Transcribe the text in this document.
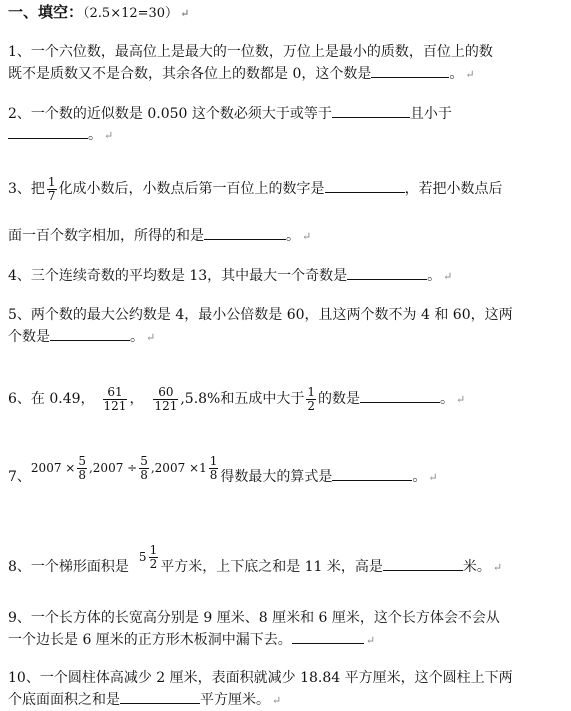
一、填空：（2.5×12=30） ↵
1、一个六位数，最高位上是最大的一位数，万位上是最小的质数，百位上的数
既不是质数又不是合数，其余各位上的数都是 0，这个数是	。 ↵
2、一个数的近似数是 0.050 这个数必须大于或等于	且小于
。 ↵
3、把 $\frac{1}{7}$ 化成小数后，小数点后第一百位上的数字是	，若把小数点后
面一百个数字相加，所得的和是	。 ↵
4、三个连续奇数的平均数是 13，其中最大一个奇数是	。 ↵
5、两个数的最大公约数是 4，最小公倍数是 60，且这两个数不为 4 和 60，这两
个数是	。 ↵
6、在 0.49， $\frac{61}{121}$ ， $\frac{60}{121} ,5.8\%$和五成中大于 $\frac{1}{2}$ 的数是	。 ↵
7、$2007 \times \frac{5}{8} ,2007 \div \frac{5}{8} ,2007 \times 1 \frac{1}{8}$ 得数最大的算式是	。 ↵
8、一个梯形面积是$5 \frac{1}{2}$ 平方米，上下底之和是 11 米，高是	米。 ↵
9、一个长方体的长宽高分别是 9 厘米、8 厘米和 6 厘米，这个长方体会不会从
一个边长是 6 厘米的正方形木板洞中漏下去。	↵
10、一个圆柱体高减少 2 厘米，表面积就减少 18.84 平方厘米，这个圆柱上下两
个底面面积之和是	平方厘米。 ↵
